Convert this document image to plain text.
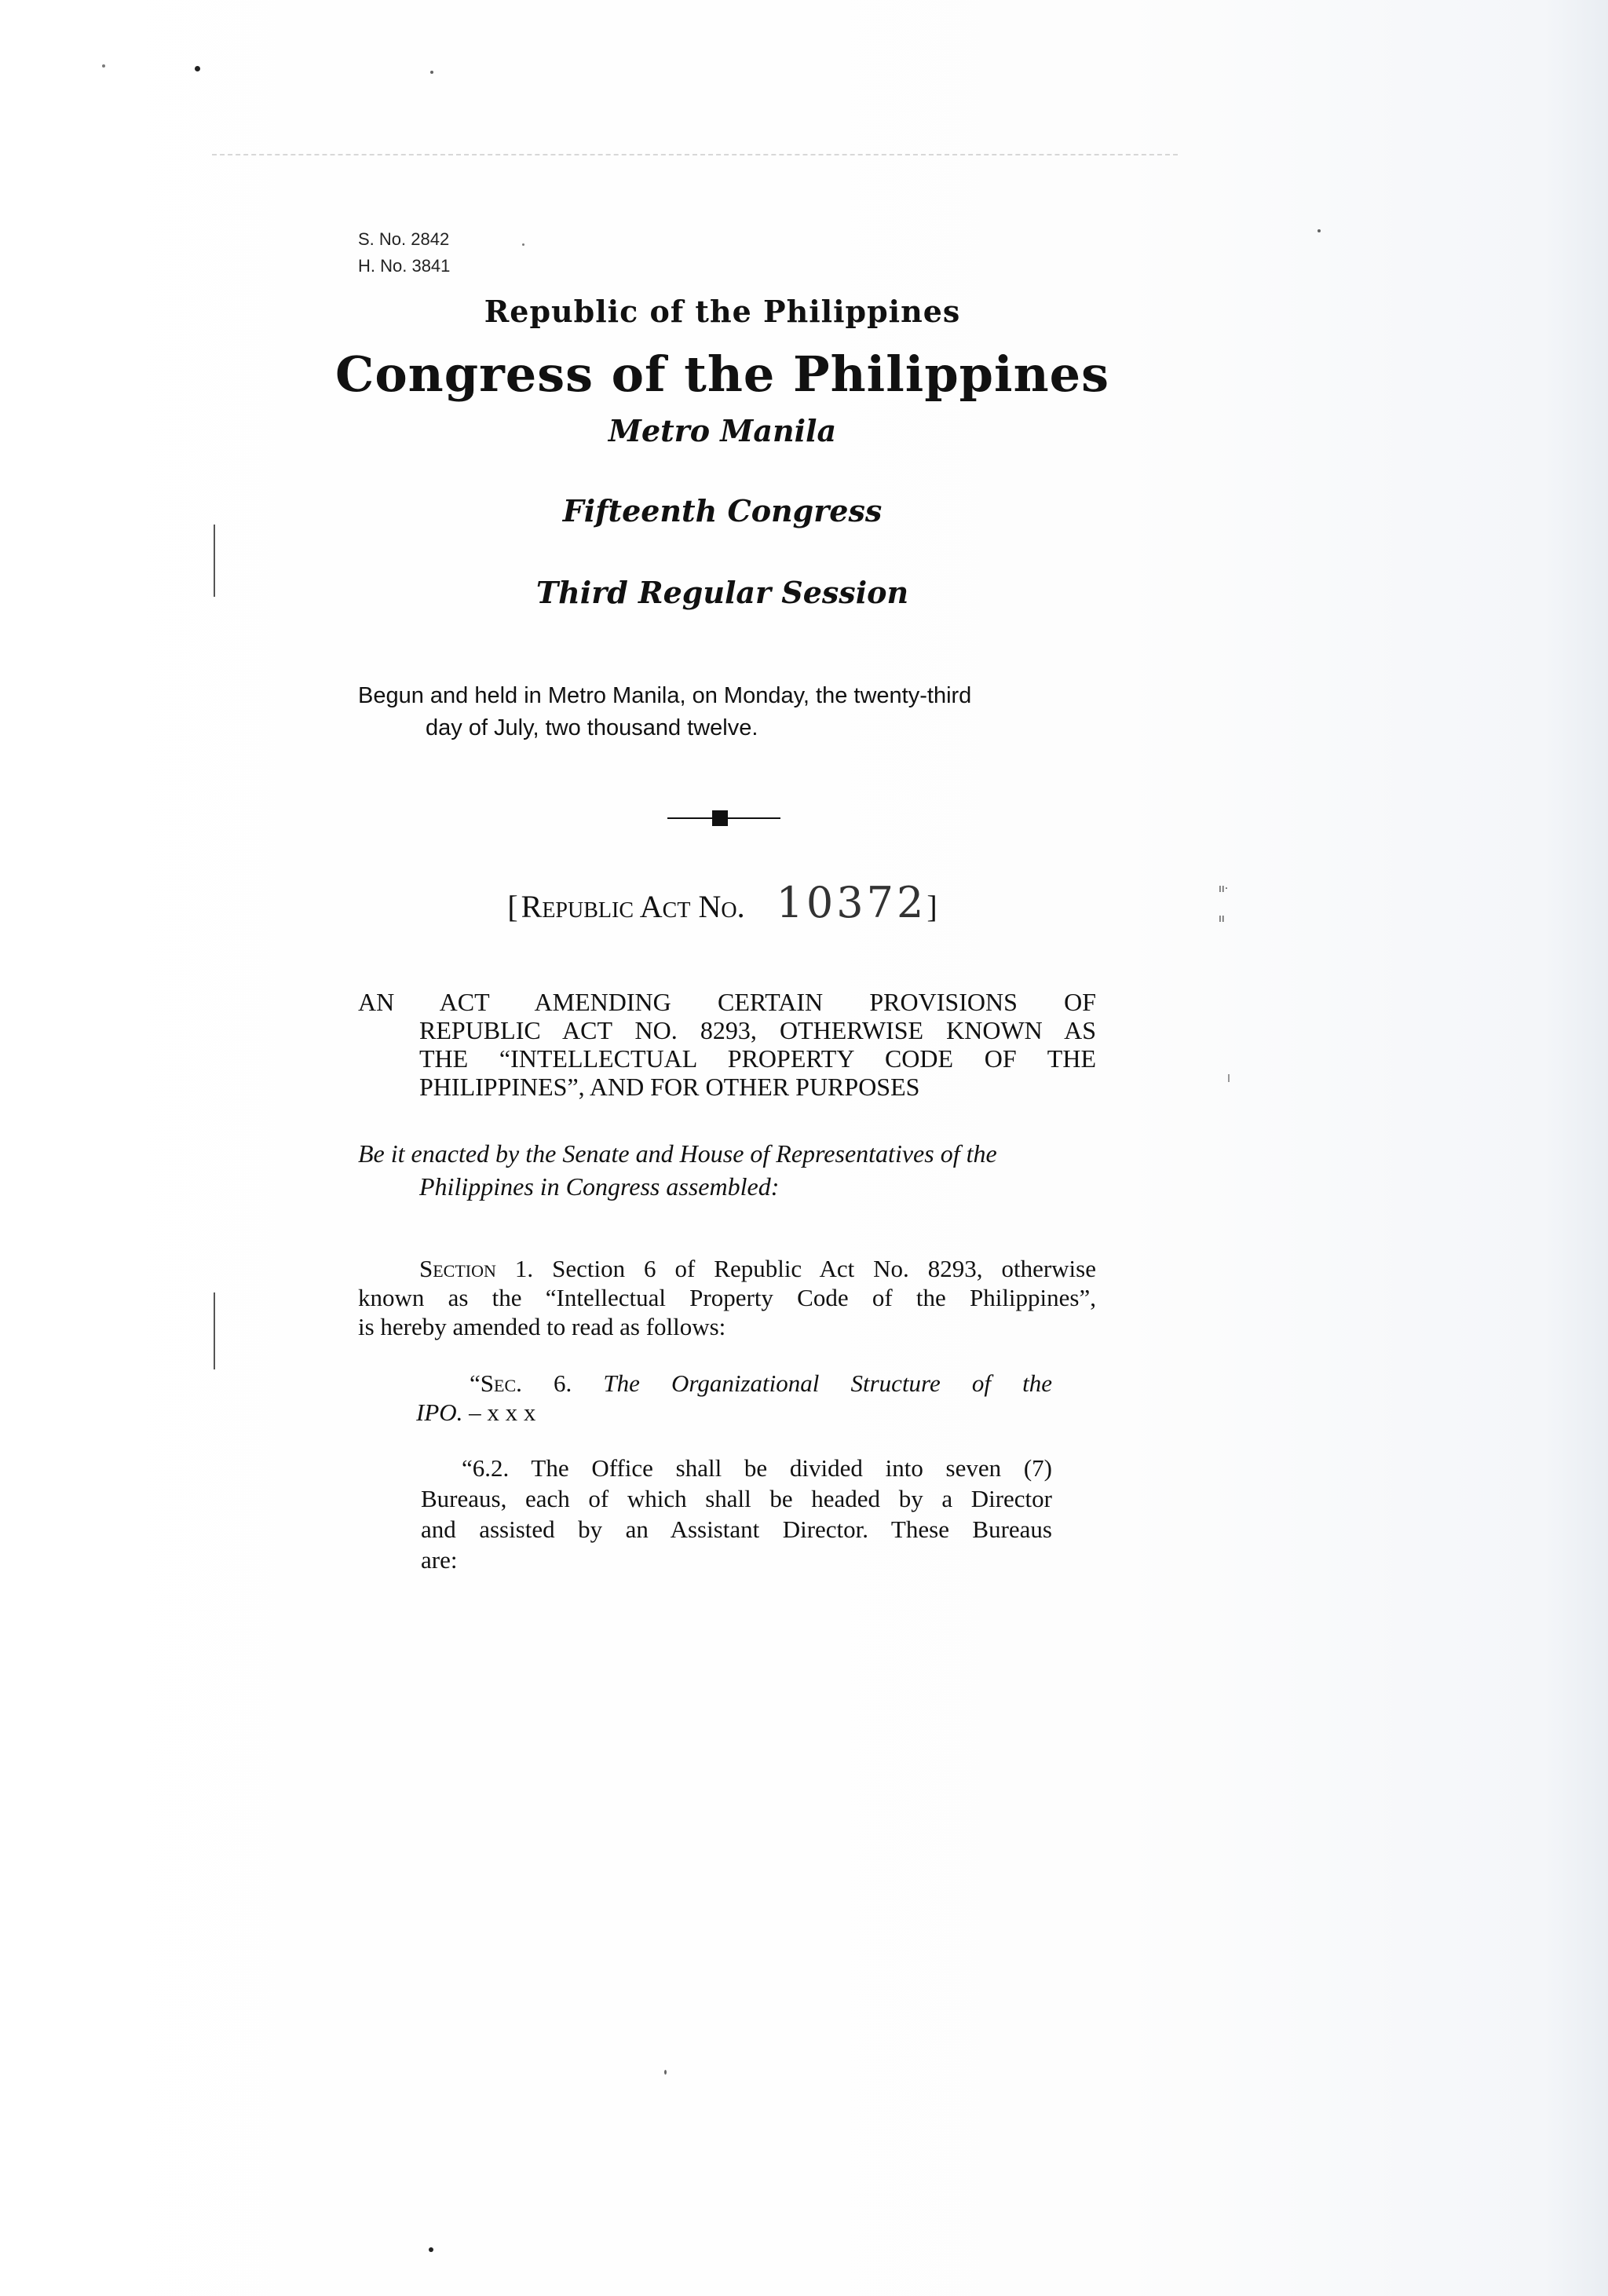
ıı·
ıı
S. No. 2842
H. No. 3841
Republic of the Philippines
Congress of the Philippines
Metro Manila
Fifteenth Congress
Third Regular Session
Begun and held in Metro Manila, on Monday, the twenty-third
day of July, two thousand twelve.
[ Republic Act No. 10372]
AN ACT AMENDING CERTAIN PROVISIONS OF
REPUBLIC ACT NO. 8293, OTHERWISE KNOWN AS
THE “INTELLECTUAL PROPERTY CODE OF THE
PHILIPPINES”, AND FOR OTHER PURPOSES
Be it enacted by the Senate and House of Representatives of the
Philippines in Congress assembled:
Section 1. Section 6 of Republic Act No. 8293, otherwise
known as the “Intellectual Property Code of the Philippines”,
is hereby amended to read as follows:
“Sec. 6. The Organizational Structure of the
IPO. – x x x
“6.2. The Office shall be divided into seven (7)
Bureaus, each of which shall be headed by a Director
and assisted by an Assistant Director. These Bureaus
are:
